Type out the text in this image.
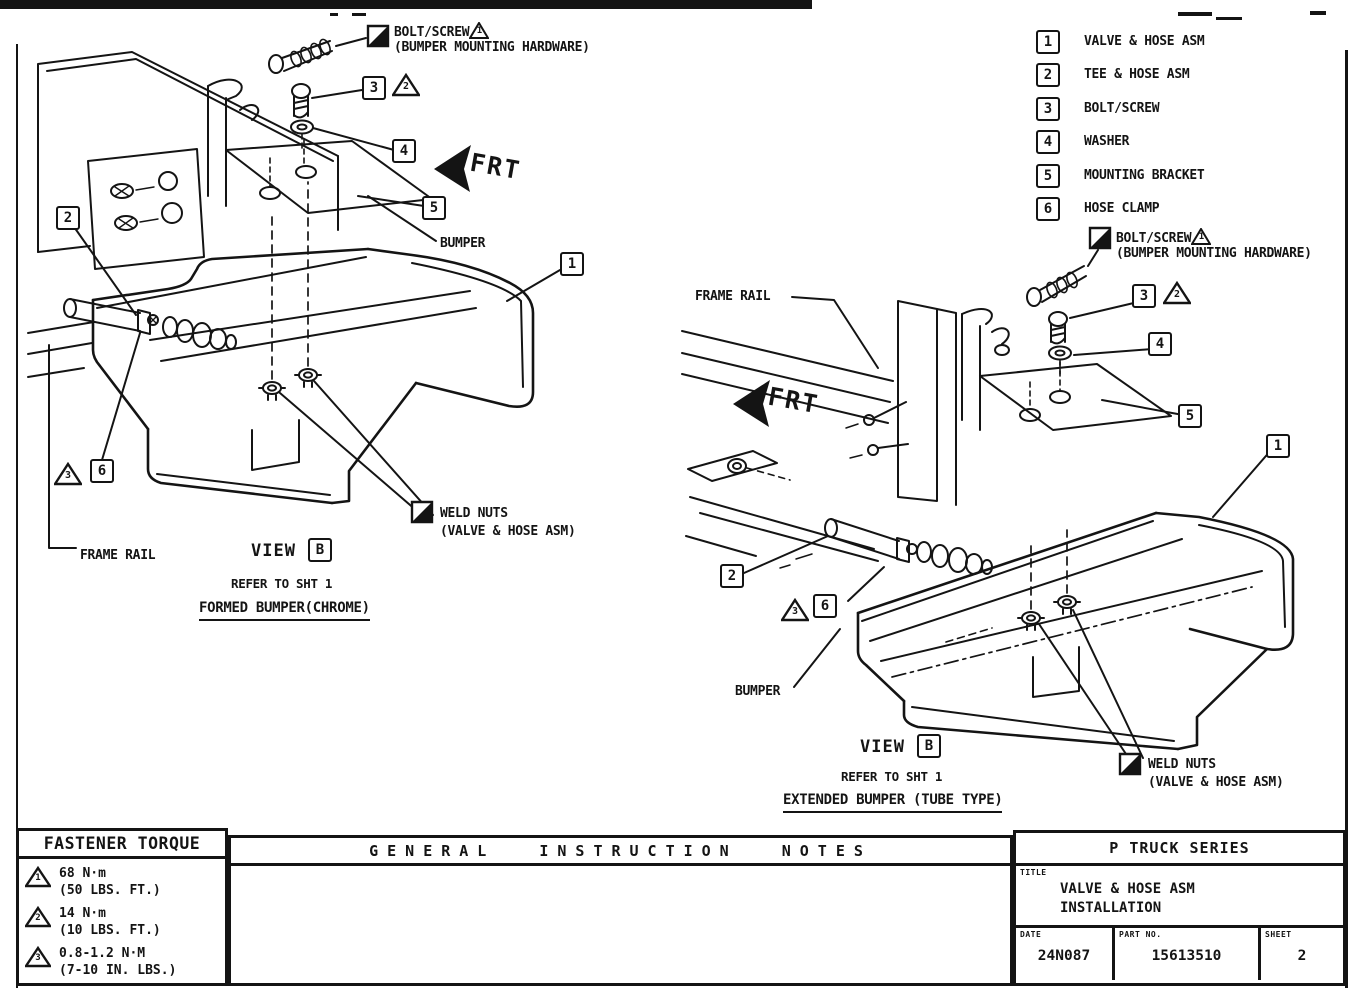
BOLT/SCREW 1
(BUMPER MOUNTING HARDWARE)
3	2
4
5
1
2
3	6
FRT
BUMPER
FRAME RAIL
WELD NUTS
(VALVE & HOSE ASM)
VIEW	B
REFER TO SHT 1
FORMED BUMPER(CHROME)
1	VALVE & HOSE ASM
2	TEE & HOSE ASM
3	BOLT/SCREW
4	WASHER
5	MOUNTING BRACKET
6	HOSE CLAMP
BOLT/SCREW 1
(BUMPER MOUNTING HARDWARE)
3	2
4
5
1
2
3	6
FRT
FRAME RAIL
BUMPER
WELD NUTS
(VALVE & HOSE ASM)
VIEW	B
REFER TO SHT 1
EXTENDED BUMPER (TUBE TYPE)
FASTENER TORQUE
1	68 N·m
(50 LBS. FT.)
2	14 N·m
(10 LBS. FT.)
3	0.8-1.2 N·M
(7-10 IN. LBS.)
GENERAL INSTRUCTION NOTES	P TRUCK SERIES
TITLE
VALVE & HOSE ASM
INSTALLATION
DATE
24N087
PART NO.
15613510
SHEET
2
